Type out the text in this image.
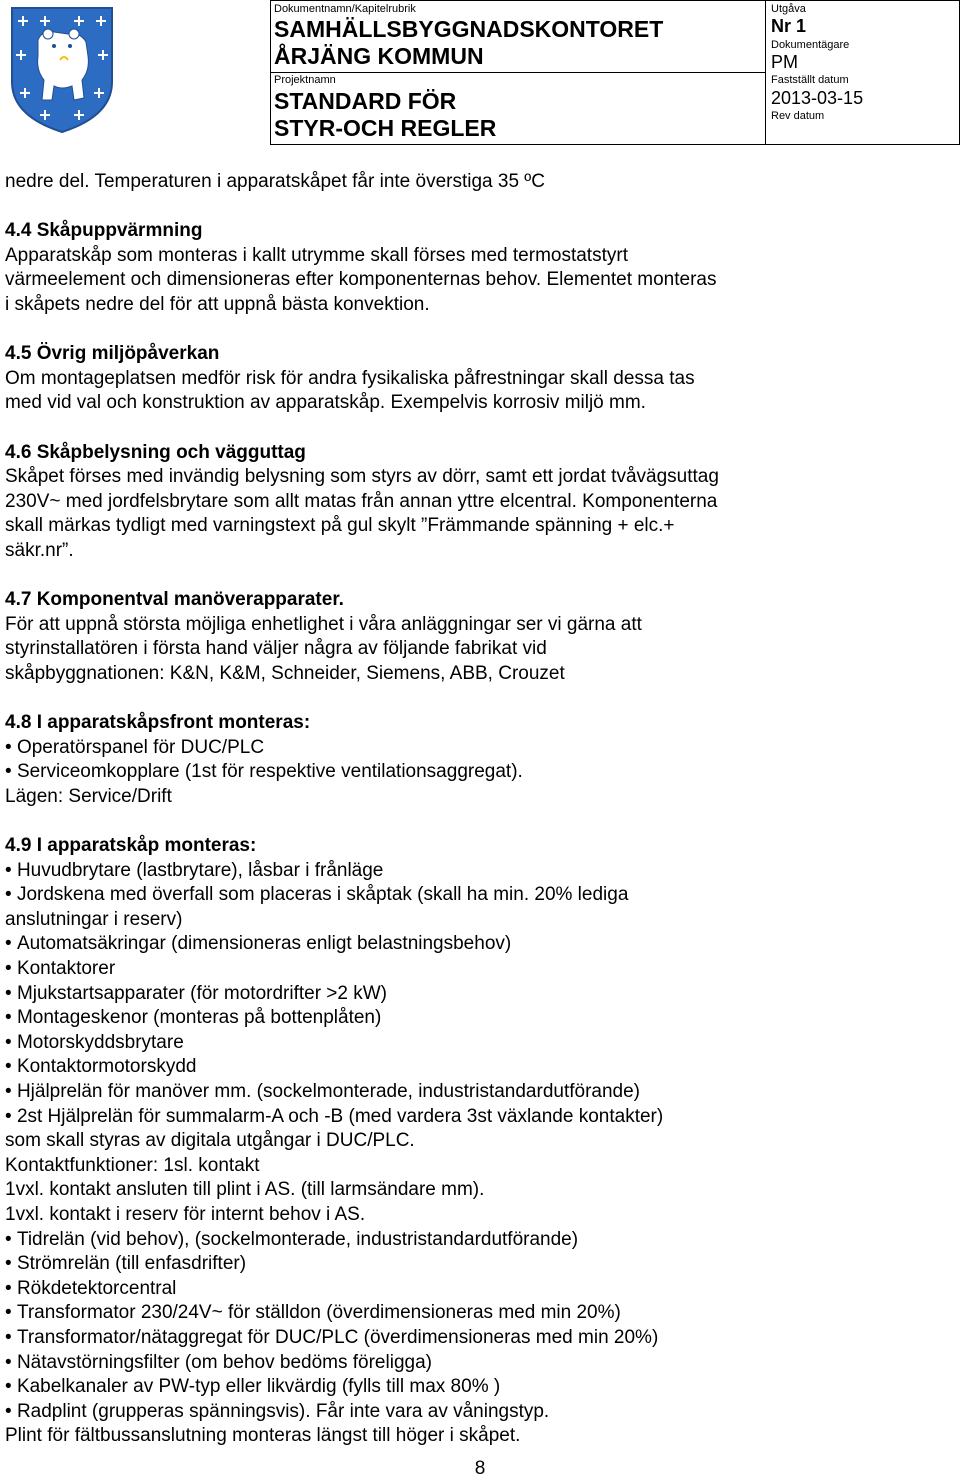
Dokumentnamn/Kapitelrubrik
SAMHÄLLSBYGGNADSKONTORET
ÅRJÄNG KOMMUN
Projektnamn
STANDARD FÖR
STYR-OCH REGLER
Utgåva
Nr 1
Dokumentägare
PM
Fastställt datum
2013-03-15
Rev datum

nedre del. Temperaturen i apparatskåpet får inte överstiga 35 ºC

4.4 Skåpuppvärmning

Apparatskåp som monteras i kallt utrymme skall förses med termostatstyrt

värmeelement och dimensioneras efter komponenternas behov. Elementet monteras

i skåpets nedre del för att uppnå bästa konvektion.

4.5 Övrig miljöpåverkan

Om montageplatsen medför risk för andra fysikaliska påfrestningar skall dessa tas

med vid val och konstruktion av apparatskåp. Exempelvis korrosiv miljö mm.

4.6 Skåpbelysning och vägguttag

Skåpet förses med invändig belysning som styrs av dörr, samt ett jordat tvåvägsuttag

230V~ med jordfelsbrytare som allt matas från annan yttre elcentral. Komponenterna

skall märkas tydligt med varningstext på gul skylt ”Främmande spänning + elc.+

säkr.nr”.

4.7 Komponentval manöverapparater.

För att uppnå största möjliga enhetlighet i våra anläggningar ser vi gärna att

styrinstallatören i första hand väljer några av följande fabrikat vid

skåpbyggnationen: K&N, K&M, Schneider, Siemens, ABB, Crouzet

4.8 I apparatskåpsfront monteras:

• Operatörspanel för DUC/PLC

• Serviceomkopplare (1st för respektive ventilationsaggregat).

Lägen: Service/Drift

4.9 I apparatskåp monteras:

• Huvudbrytare (lastbrytare), låsbar i frånläge

• Jordskena med överfall som placeras i skåptak (skall ha min. 20% lediga

anslutningar i reserv)

• Automatsäkringar (dimensioneras enligt belastningsbehov)

• Kontaktorer

• Mjukstartsapparater (för motordrifter >2 kW)

• Montageskenor (monteras på bottenplåten)

• Motorskyddsbrytare

• Kontaktormotorskydd

• Hjälprelän för manöver mm. (sockelmonterade, industristandardutförande)

• 2st Hjälprelän för summalarm-A och -B (med vardera 3st växlande kontakter)

som skall styras av digitala utgångar i DUC/PLC.

Kontaktfunktioner: 1sl. kontakt

1vxl. kontakt ansluten till plint i AS. (till larmsändare mm).

1vxl. kontakt i reserv för internt behov i AS.

• Tidrelän (vid behov), (sockelmonterade, industristandardutförande)

• Strömrelän (till enfasdrifter)

• Rökdetektorcentral

• Transformator 230/24V~ för ställdon (överdimensioneras med min 20%)

• Transformator/nätaggregat för DUC/PLC (överdimensioneras med min 20%)

• Nätavstörningsfilter (om behov bedöms föreligga)

• Kabelkanaler av PW-typ eller likvärdig (fylls till max 80% )

• Radplint (grupperas spänningsvis). Får inte vara av våningstyp.

Plint för fältbussanslutning monteras längst till höger i skåpet.

8
